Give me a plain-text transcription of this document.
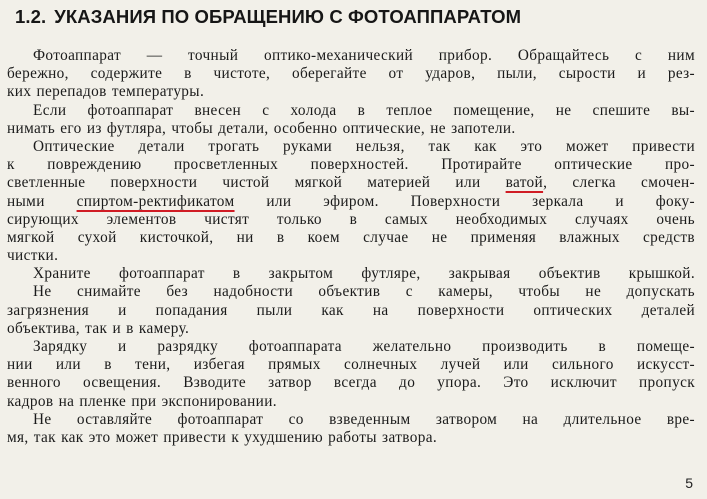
1.2. УКАЗАНИЯ ПО ОБРАЩЕНИЮ С ФОТОАППАРАТОМ
Фотоаппарат — точный оптико-механический прибор. Обращайтесь с ним
бережно, содержите в чистоте, оберегайте от ударов, пыли, сырости и рез-
ких перепадов температуры.
Если фотоаппарат внесен с холода в теплое помещение, не спешите вы-
нимать его из футляра, чтобы детали, особенно оптические, не запотели.
Оптические детали трогать руками нельзя, так как это может привести
к повреждению просветленных поверхностей. Протирайте оптические про-
светленные поверхности чистой мягкой материей или ватой, слегка смочен-
ными спиртом-ректификатом или эфиром. Поверхности зеркала и фоку-
сирующих элементов чистят только в самых необходимых случаях очень
мягкой сухой кисточкой, ни в коем случае не применяя влажных средств
чистки.
Храните фотоаппарат в закрытом футляре, закрывая объектив крышкой.
Не снимайте без надобности объектив с камеры, чтобы не допускать
загрязнения и попадания пыли как на поверхности оптических деталей
объектива, так и в камеру.
Зарядку и разрядку фотоаппарата желательно производить в помеще-
нии или в тени, избегая прямых солнечных лучей или сильного искусст-
венного освещения. Взводите затвор всегда до упора. Это исключит пропуск
кадров на пленке при экспонировании.
Не оставляйте фотоаппарат со взведенным затвором на длительное вре-
мя, так как это может привести к ухудшению работы затвора.
5
